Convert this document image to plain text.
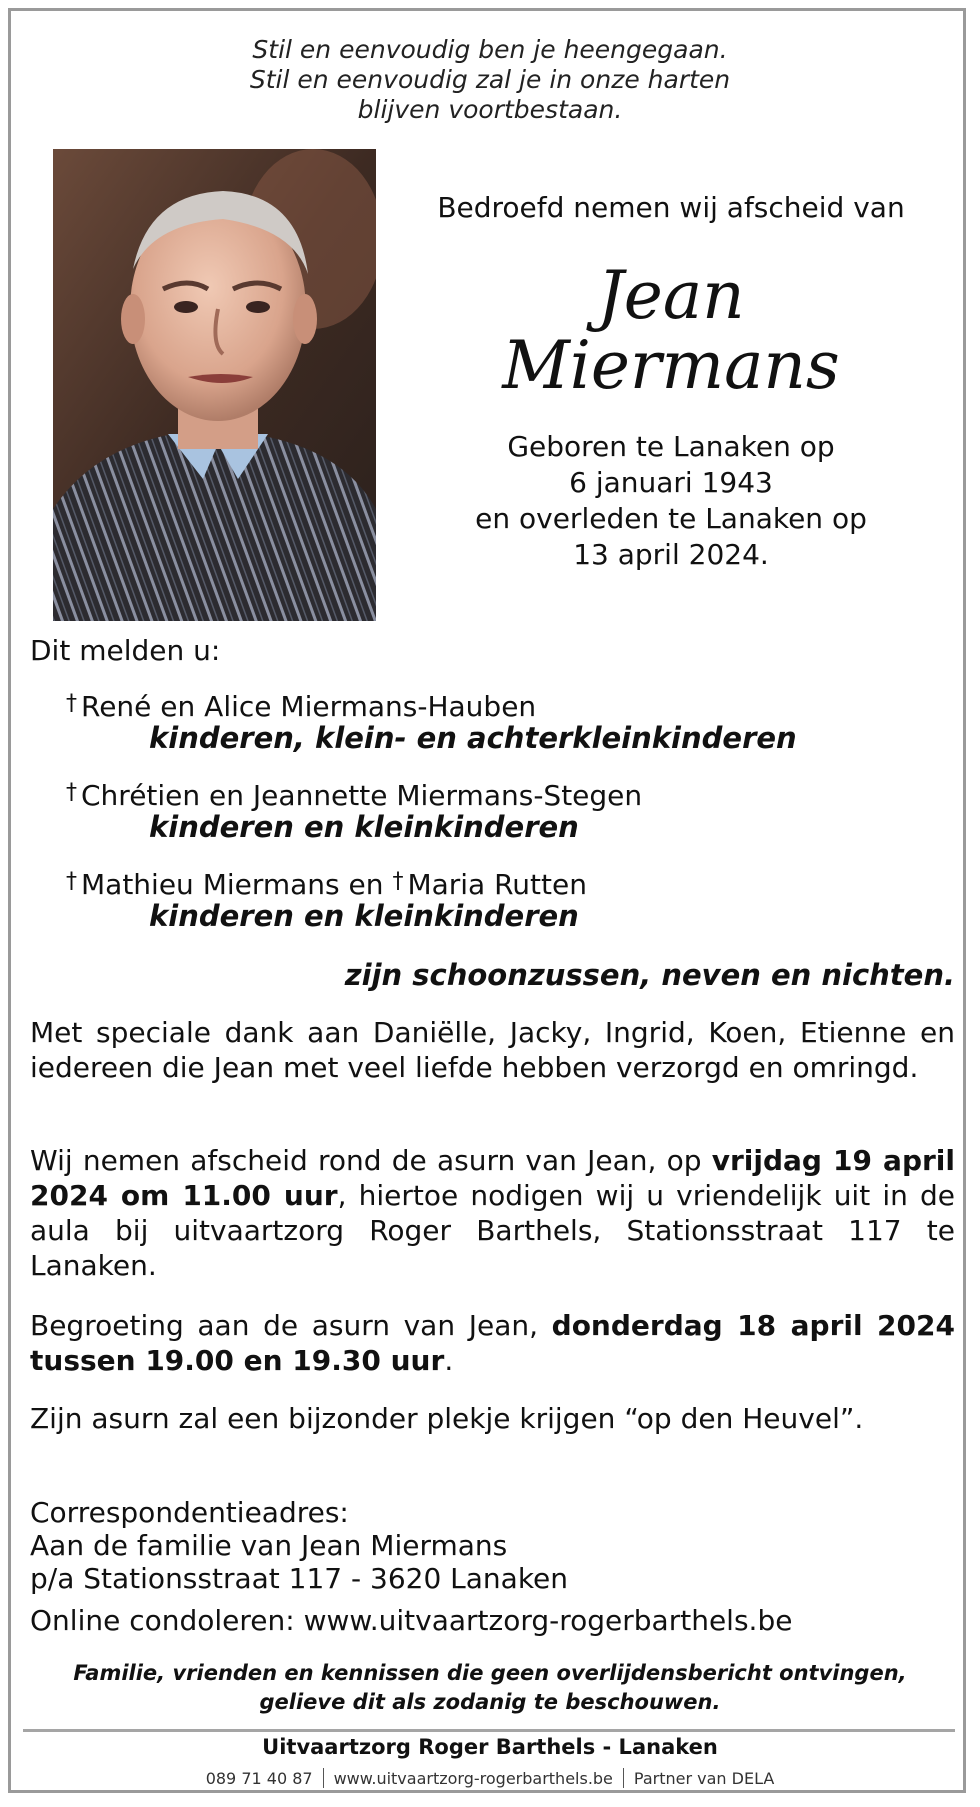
Stil en eenvoudig ben je heengegaan.
Stil en eenvoudig zal je in onze harten
blijven voortbestaan.
Bedroefd nemen wij afscheid van
Jean
Miermans
Geboren te Lanaken op
6 januari 1943
en overleden te Lanaken op
13 april 2024.
Dit melden u:
† René en Alice Miermans-Hauben
kinderen, klein- en achterkleinkinderen
† Chrétien en Jeannette Miermans-Stegen
kinderen en kleinkinderen
† Mathieu Miermans en † Maria Rutten
kinderen en kleinkinderen
zijn schoonzussen, neven en nichten.
Met speciale dank aan Daniëlle, Jacky, Ingrid, Koen, Etienne en iedereen die Jean met veel liefde hebben verzorgd en omringd.
Wij nemen afscheid rond de asurn van Jean, op vrijdag 19 april 2024 om 11.00 uur, hiertoe nodigen wij u vriendelijk uit in de aula bij uitvaartzorg Roger Barthels, Stationsstraat 117 te Lanaken.
Begroeting aan de asurn van Jean, donderdag 18 april 2024 tussen 19.00 en 19.30 uur.
Zijn asurn zal een bijzonder plekje krijgen “op den Heuvel”.
Correspondentieadres:
Aan de familie van Jean Miermans
p/a Stationsstraat 117 - 3620 Lanaken
Online condoleren: www.uitvaartzorg-rogerbarthels.be
Familie, vrienden en kennissen die geen overlijdensbericht ontvingen,
gelieve dit als zodanig te beschouwen.
Uitvaartzorg Roger Barthels - Lanaken
089 71 40 87 www.uitvaartzorg-rogerbarthels.be Partner van DELA
